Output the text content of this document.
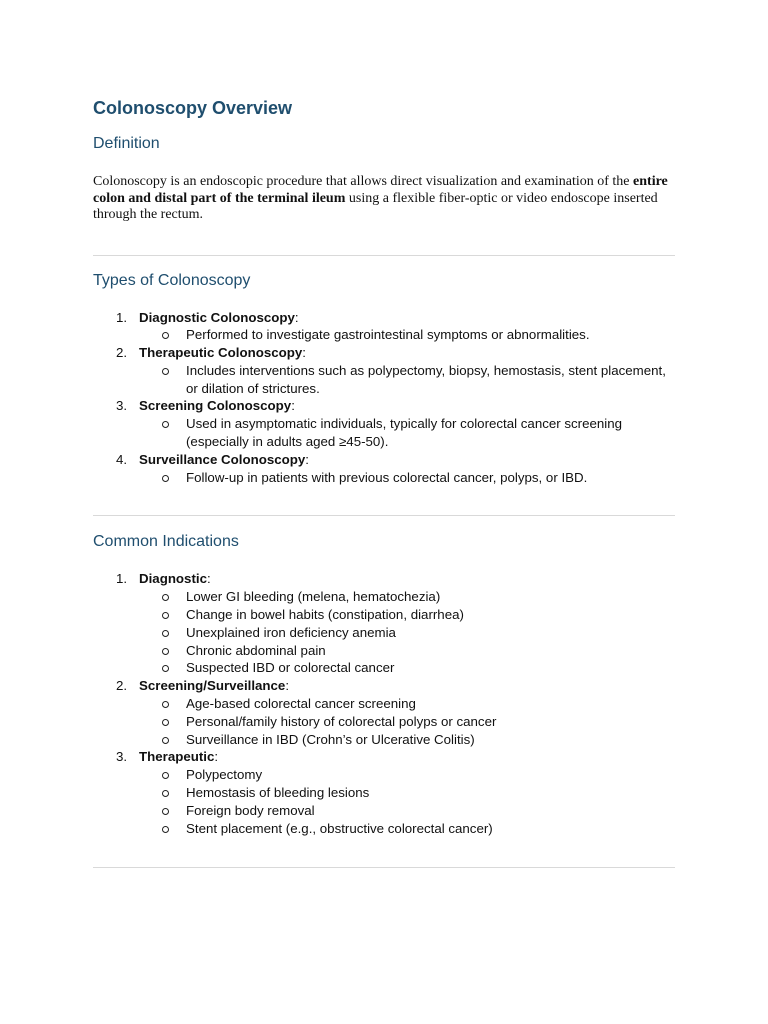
Colonoscopy Overview
Definition

Colonoscopy is an endoscopic procedure that allows direct visualization and examination of the entire colon and distal part of the terminal ileum using a flexible fiber-optic or video endoscope inserted through the rectum.

Types of Colonoscopy
1. Diagnostic Colonoscopy:
Performed to investigate gastrointestinal symptoms or abnormalities.
2. Therapeutic Colonoscopy:
Includes interventions such as polypectomy, biopsy, hemostasis, stent placement, or dilation of strictures.
3. Screening Colonoscopy:
Used in asymptomatic individuals, typically for colorectal cancer screening (especially in adults aged ≥45-50).
4. Surveillance Colonoscopy:
Follow-up in patients with previous colorectal cancer, polyps, or IBD.
Common Indications
1. Diagnostic:
Lower GI bleeding (melena, hematochezia)
Change in bowel habits (constipation, diarrhea)
Unexplained iron deficiency anemia
Chronic abdominal pain
Suspected IBD or colorectal cancer
2. Screening/Surveillance:
Age-based colorectal cancer screening
Personal/family history of colorectal polyps or cancer
Surveillance in IBD (Crohn’s or Ulcerative Colitis)
3. Therapeutic:
Polypectomy
Hemostasis of bleeding lesions
Foreign body removal
Stent placement (e.g., obstructive colorectal cancer)
